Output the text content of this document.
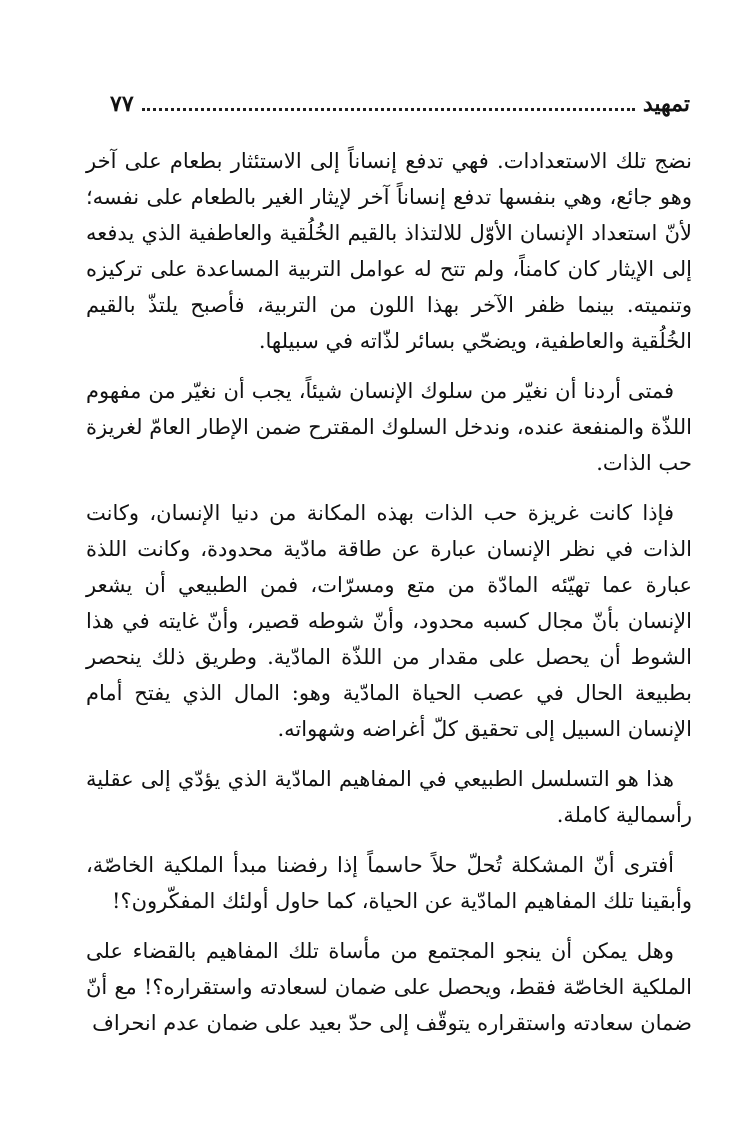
تمهيد
٧٧

نضج تلك الاستعدادات. فهي تدفع إنساناً إلى الاستئثار بطعام على آخر وهو جائع، وهي بنفسها تدفع إنساناً آخر لإيثار الغير بالطعام على نفسه؛ لأنّ استعداد الإنسان الأوّل للالتذاذ بالقيم الخُلُقية والعاطفية الذي يدفعه إلى الإيثار كان كامناً، ولم تتح له عوامل التربية المساعدة على تركيزه وتنميته. بينما ظفر الآخر بهذا اللون من التربية، فأصبح يلتذّ بالقيم الخُلُقية والعاطفية، ويضحّي بسائر لذّاته في سبيلها.

فمتى أردنا أن نغيّر من سلوك الإنسان شيئاً، يجب أن نغيّر من مفهوم اللذّة والمنفعة عنده، وندخل السلوك المقترح ضمن الإطار العامّ لغريزة حب الذات.

فإذا كانت غريزة حب الذات بهذه المكانة من دنيا الإنسان، وكانت الذات في نظر الإنسان عبارة عن طاقة مادّية محدودة، وكانت اللذة عبارة عما تهيّئه المادّة من متع ومسرّات، فمن الطبيعي أن يشعر الإنسان بأنّ مجال كسبه محدود، وأنّ شوطه قصير، وأنّ غايته في هذا الشوط أن يحصل على مقدار من اللذّة المادّية. وطريق ذلك ينحصر بطبيعة الحال في عصب الحياة المادّية وهو: المال الذي يفتح أمام الإنسان السبيل إلى تحقيق كلّ أغراضه وشهواته.

هذا هو التسلسل الطبيعي في المفاهيم المادّية الذي يؤدّي إلى عقلية رأسمالية كاملة.

أفترى أنّ المشكلة تُحلّ حلاً حاسماً إذا رفضنا مبدأ الملكية الخاصّة، وأبقينا تلك المفاهيم المادّية عن الحياة، كما حاول أولئك المفكّرون؟!

وهل يمكن أن ينجو المجتمع من مأساة تلك المفاهيم بالقضاء على الملكية الخاصّة فقط، ويحصل على ضمان لسعادته واستقراره؟! مع أنّ ضمان سعادته واستقراره يتوقّف إلى حدّ بعيد على ضمان عدم انحراف
